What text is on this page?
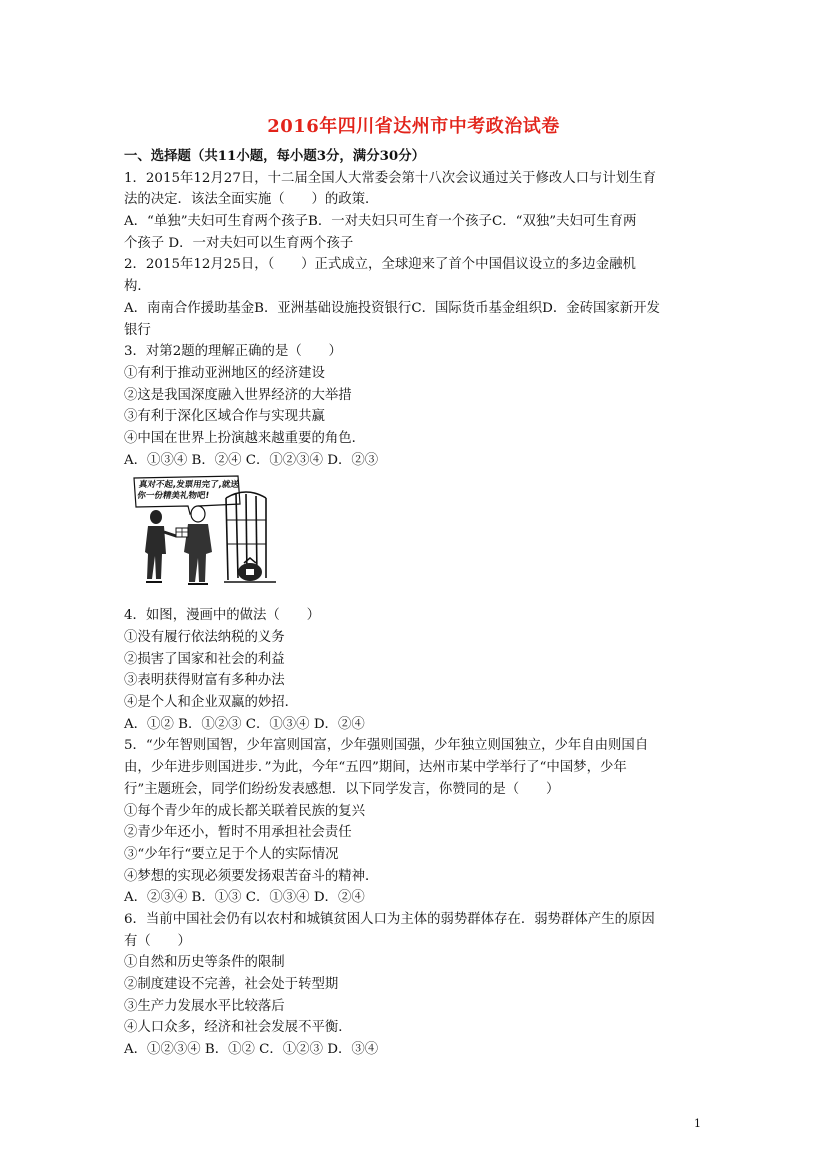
2016年四川省达州市中考政治试卷
一、选择题（共11小题，每小题3分，满分30分）
1．2015年12月27日，十二届全国人大常委会第十八次会议通过关于修改人口与计划生育
法的决定．该法全面实施（　　）的政策．
A．“单独”夫妇可生育两个孩子B．一对夫妇只可生育一个孩子C．“双独”夫妇可生育两
个孩子 D．一对夫妇可以生育两个孩子
2．2015年12月25日，（　　）正式成立，全球迎来了首个中国倡议设立的多边金融机
构．
A．南南合作援助基金B．亚洲基础设施投资银行C．国际货币基金组织D．金砖国家新开发
银行
3．对第2题的理解正确的是（　　）
①有利于推动亚洲地区的经济建设
②这是我国深度融入世界经济的大举措
③有利于深化区域合作与实现共赢
④中国在世界上扮演越来越重要的角色．
A．①③④ B．②④ C．①②③④ D．②③
真对不起,发票用完了,就送你一份精美礼物吧!
4．如图，漫画中的做法（　　）
①没有履行依法纳税的义务
②损害了国家和社会的利益
③表明获得财富有多种办法
④是个人和企业双赢的妙招．
A．①② B．①②③ C．①③④ D．②④
5．“少年智则国智，少年富则国富，少年强则国强，少年独立则国独立，少年自由则国自
由，少年进步则国进步．”为此，今年“五四”期间，达州市某中学举行了“中国梦，少年
行”主题班会，同学们纷纷发表感想．以下同学发言，你赞同的是（　　）
①每个青少年的成长都关联着民族的复兴
②青少年还小，暂时不用承担社会责任
③“少年行“要立足于个人的实际情况
④梦想的实现必须要发扬艰苦奋斗的精神．
A．②③④ B．①③ C．①③④ D．②④
6．当前中国社会仍有以农村和城镇贫困人口为主体的弱势群体存在．弱势群体产生的原因
有（　　）
①自然和历史等条件的限制
②制度建设不完善，社会处于转型期
③生产力发展水平比较落后
④人口众多，经济和社会发展不平衡．
A．①②③④ B．①② C．①②③ D．③④
1
